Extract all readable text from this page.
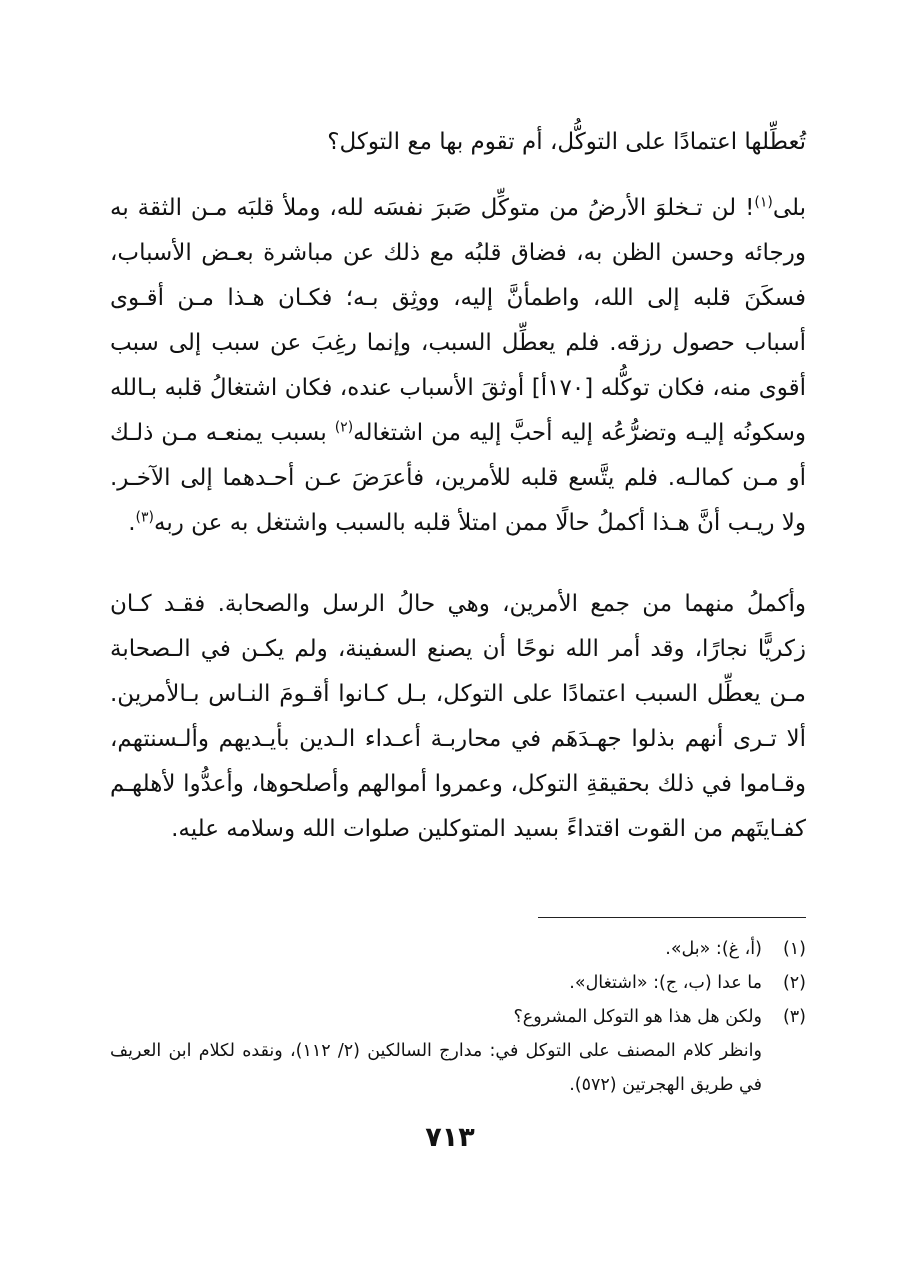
تُعطِّلها اعتمادًا على التوكُّل، أم تقوم بها مع التوكل؟

بلى$^{(١)}$! لن تـخلوَ الأرضُ من متوكِّل صَبرَ نفسَه لله، وملأ قلبَه مـن الثقة به ورجائه وحسن الظن به، فضاق قلبُه مع ذلك عن مباشرة بعـض الأسباب، فسكَنَ قلبه إلى الله، واطمأنَّ إليه، ووثِق بـه؛ فكـان هـذا مـن أقـوى أسباب حصول رزقه. فلم يعطِّل السبب، وإنما رغِبَ عن سبب إلى سبب أقوى منه، فكان توكُّله [١٧٠أ] أوثقَ الأسباب عنده، فكان اشتغالُ قلبه بـالله وسكونُه إليـه وتضرُّعُه إليه أحبَّ إليه من اشتغاله$^{(٢)}$ بسبب يمنعـه مـن ذلـك أو مـن كمالـه. فلم يتَّسع قلبه للأمرين، فأعرَضَ عـن أحـدهما إلى الآخـر. ولا ريـب أنَّ هـذا أكملُ حالًا ممن امتلأ قلبه بالسبب واشتغل به عن ربه$^{(٣)}$.

وأكملُ منهما من جمع الأمرين، وهي حالُ الرسل والصحابة. فقـد كـان زكريًّا نجارًا، وقد أمر الله نوحًا أن يصنع السفينة، ولم يكـن في الـصحابة مـن يعطِّل السبب اعتمادًا على التوكل، بـل كـانوا أقـومَ النـاس بـالأمرين. ألا تـرى أنهم بذلوا جهـدَهَم في محاربـة أعـداء الـدين بأيـديهم وألـسنتهم، وقـاموا في ذلك بحقيقةِ التوكل، وعمروا أموالهم وأصلحوها، وأعدُّوا لأهلهـم كفـايتَهم من القوت اقتداءً بسيد المتوكلين صلوات الله وسلامه عليه.

(١)
(أ، غ): «بل».
(٢)
ما عدا (ب، ج): «اشتغال».
(٣)
ولكن هل هذا هو التوكل المشروع؟
وانظر كلام المصنف على التوكل في: مدارج السالكين (٢/ ١١٢)، ونقده لكلام ابن العريف في طريق الهجرتين (٥٧٢).
٧١٣
